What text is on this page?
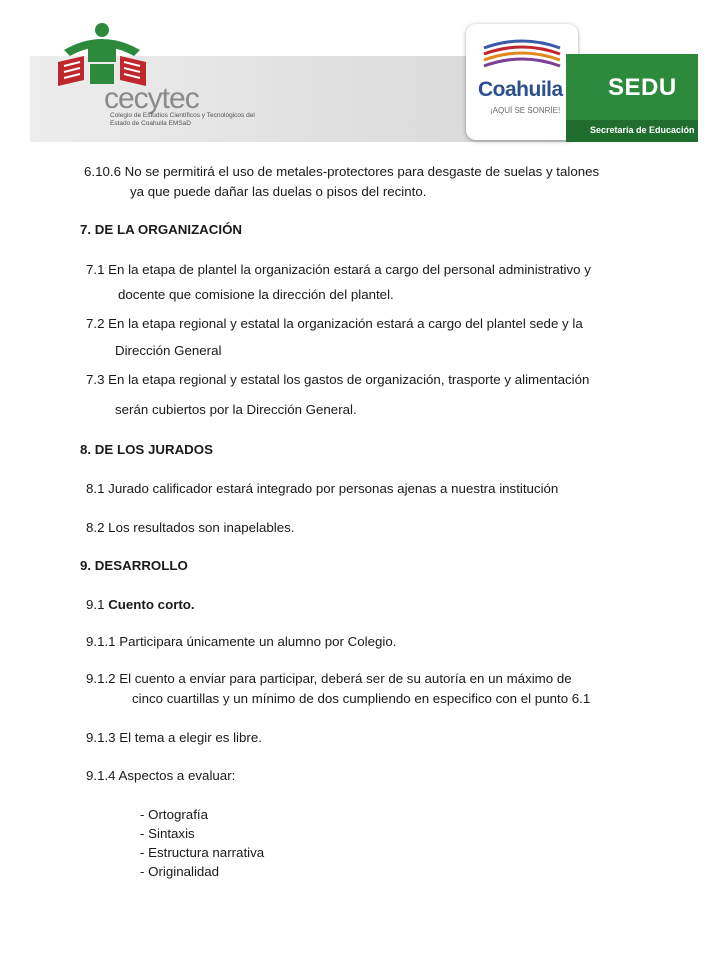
cecytec
Colegio de Estudios Científicos y Tecnológicos del Estado de Coahuila EMSaD
Coahuila
¡AQUÍ SE SONRÍE!
SEDU
Secretaría de Educación
6.10.6 No se permitirá el uso de metales-protectores para desgaste de suelas y talones
ya que puede dañar las duelas o pisos del recinto.
7. DE LA ORGANIZACIÓN
7.1 En la etapa de plantel la organización estará a cargo del personal administrativo y
docente que comisione la dirección del plantel.
7.2 En la etapa regional y estatal la organización estará a cargo del plantel sede y la
Dirección General
7.3 En la etapa regional y estatal los gastos de organización, trasporte y alimentación
serán cubiertos por la Dirección General.
8. DE LOS JURADOS
8.1 Jurado calificador estará integrado por personas ajenas a nuestra institución
8.2 Los resultados son inapelables.
9. DESARROLLO
9.1 Cuento corto.
9.1.1 Participara únicamente un alumno por Colegio.
9.1.2 El cuento a enviar para participar, deberá ser de su autoría en un máximo de
cinco cuartillas y un mínimo de dos cumpliendo en especifico con el punto 6.1
9.1.3 El tema a elegir es libre.
9.1.4 Aspectos a evaluar:
- Ortografía
- Sintaxis
- Estructura narrativa
- Originalidad
